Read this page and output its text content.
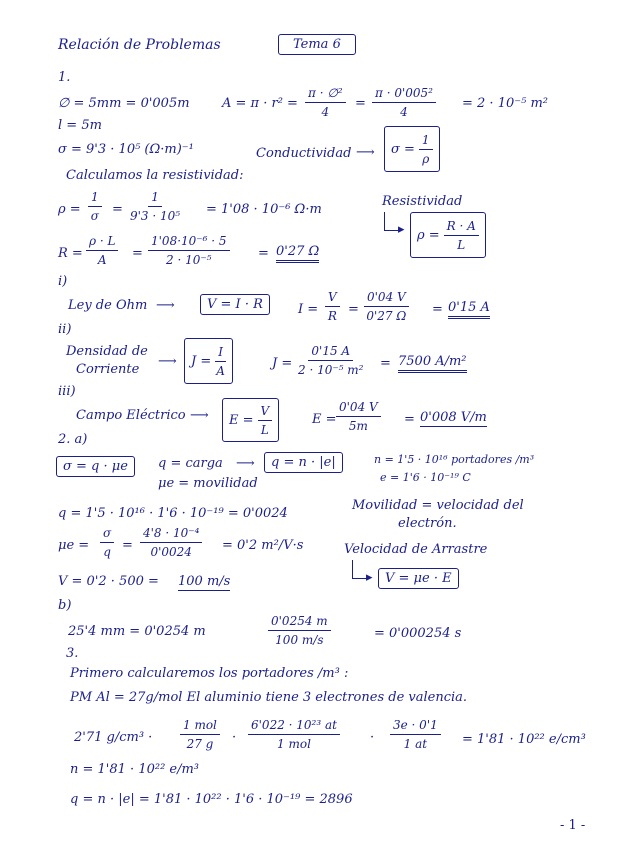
Relación de Problemas	Tema 6
1.
∅ = 5mm = 0'005m $A = \pi \cdot r^2 = \frac{\text{π · ∅²}}{4} = \frac{\text{π · 0'005²}}{4} = 2 \cdot 10^{-5}$ m²
l = 5m
σ = 9'3 · 10⁵ (Ω·m)⁻¹	Conductividad ⟶ $\sigma = \frac{1}{\rho}$
Calculamos la resistividad:
$\rho = \frac{1}{\sigma} = \frac{1}{\text{9'3 · 10⁵}} = 1'08 \cdot 10^{-6}$ Ω·m
Resistividad
▸ $\rho = \frac{R \cdot A}{L}$
$R = \frac{\rho \cdot L}{A} = \frac{\text{1'08·10⁻⁶ · 5}}{\text{2 · 10⁻⁵}} = 0'27$ Ω
i)
Ley de Ohm ⟶ V = I · R	$I = \frac{V}{R} = \frac{0'04 V}{0'27 \Omega} = 0'15$ A
ii)
Densidad de
Corriente
⟶ $J = \frac{I}{A}$	$J = \frac{0'15 A}{\text{2 · 10⁻⁵ m²}} = 7500$ A/m²
iii)
Campo Eléctrico ⟶ $E = \frac{V}{L}$	$E = \frac{0'04 V}{5m} = 0'008$ V/m
2. a)
σ = q · μe q = carga ⟶ q = n · |e|	n = 1'5 · 10¹⁶ portadores /m³
e = 1'6 · 10⁻¹⁹ C
μe = movilidad
q = 1'5 · 10¹⁶ · 1'6 · 10⁻¹⁹ = 0'0024
Movilidad = velocidad del
electrón.
$\mu e = \frac{\sigma}{q} = \frac{\text{4'8 · 10⁻⁴}}{0'0024} = 0'2$ m²/V·s	Velocidad de Arrastre
▸ V = μe · E
V = 0'2 · 500 = 100 m/s
b)
25'4 mm = 0'0254 m	$\frac{0'0254 m}{100 m/s}$	= 0'000254 s
3.
Primero calcularemos los portadores /m³ :
PM Al = 27g/mol El aluminio tiene 3 electrones de valencia.
2'71 g/cm³ ·
1 mol
27 g ·
6'022 · 10²³ at
1 mol	· $\frac{3e \cdot 0'1}{1 at} = 1'81 \cdot 10^{22}$ e/cm³
n = 1'81 · 10²² e/m³
q = n · |e| = 1'81 · 10²² · 1'6 · 10⁻¹⁹ = 2896
- 1 -
